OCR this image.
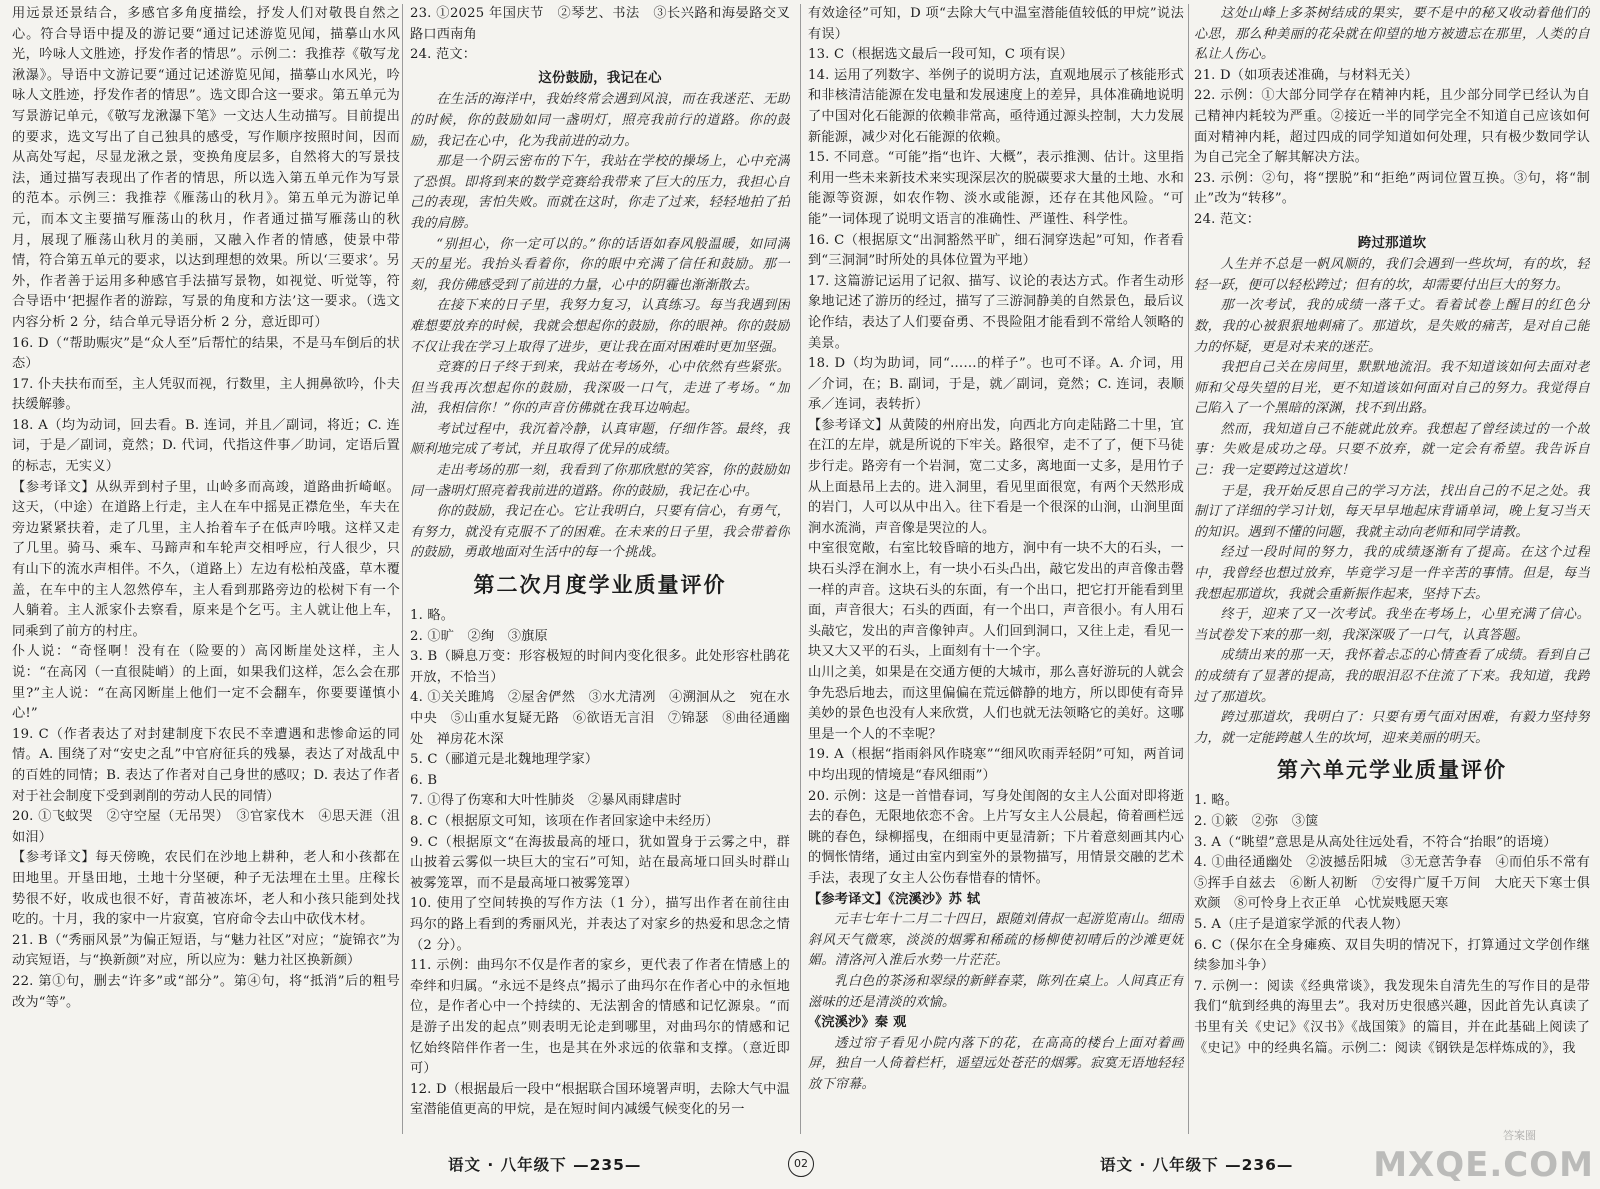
用远景还景结合，多感官多角度描绘，抒发人们对敬畏自然之心。符合导语中提及的游记要“通过记述游览见闻，描摹山水风光，吟咏人文胜迹，抒发作者的情思”。示例二：我推荐《敬写龙湫瀑》。导语中文游记要“通过记述游览见闻，描摹山水风光，吟咏人文胜迹，抒发作者的情思”。选文即合这一要求。第五单元为写景游记单元，《敬写龙湫瀑下笔》一文达人生动描写。目前提出的要求，选文写出了自己独具的感受，写作顺序按照时间，因而从高处写起，尽显龙湫之景，变换角度层多，自然将大的写景技法，通过描写表现出了作者的情思，所以选入第五单元作为写景的范本。示例三：我推荐《雁荡山的秋月》。第五单元为游记单元，而本文主要描写雁荡山的秋月，作者通过描写雁荡山的秋月，展现了雁荡山秋月的美丽，又融入作者的情感，使景中带情，符合第五单元的要求，以达到理想的效果。所以‘三要求’。另外，作者善于运用多种感官手法描写景物，如视觉、听觉等，符合导语中‘把握作者的游踪，写景的角度和方法’这一要求。（选文内容分析 2 分，结合单元导语分析 2 分，意近即可）

16. D（“帮助赈灾”是“众人至”后帮忙的结果，不是马车倒后的状态）

17. 仆夫扶布而至，主人凭驭而视，行数里，主人拥鼻欲吟，仆夫扶缓解骖。

18. A（均为动词，回去看。B. 连词，并且／副词，将近；C. 连词，于是／副词，竟然；D. 代词，代指这件事／助词，定语后置的标志，无实义）

【参考译文】从纵弄到村子里，山岭多而高竣，道路曲折崎岖。这天，（中途）在道路上行走，主人在车中摇晃正襟危坐，车夫在旁边紧紧扶着，走了几里，主人抬着车子在低声吟哦。这样又走了几里。骑马、乘车、马蹄声和车轮声交相呼应，行人很少，只有山下的流水声相伴。不久，（道路上）左边有松柏茂盛，草木覆盖，在车中的主人忽然停车，主人看到那路旁边的松树下有一个人躺着。主人派家仆去察看，原来是个乞丐。主人就让他上车，同乘到了前方的村庄。

仆人说：“奇怪啊！没有在（险要的）高冈断崖处这样，主人说：“在高冈（一直很陡峭）的上面，如果我们这样，怎么会在那里?”主人说：“在高冈断崖上他们一定不会翻车，你要要谨慎小心!”

19. C（作者表达了对封建制度下农民不幸遭遇和悲惨命运的同情。A. 围绕了对“安史之乱”中官府征兵的残暴，表达了对战乱中的百姓的同情；B. 表达了作者对自己身世的感叹；D. 表达了作者对于社会制度下受到剥削的劳动人民的同情）

20. ①飞蚊哭　②守空屋（无吊哭）　③官家伐木　④思天涯（沮如泪）

【参考译文】每天傍晚，农民们在沙地上耕种，老人和小孩都在田地里。开垦田地，土地十分坚硬，种子无法埋在土里。庄稼长势很不好，收成也很不好，青苗被冻坏，老人和小孩只能到处找吃的。十月，我的家中一片寂寞，官府命令去山中砍伐木材。

21. B（“秀丽风景”为偏正短语，与“魅力社区”对应；“旋锦衣”为动宾短语，与“换新颜”对应，所以应为：魅力社区换新颜）

22. 第①句，删去“许多”或“部分”。第④句，将“抵消”后的粗号改为“等”。

23. ①2025 年国庆节　②琴艺、书法　③长兴路和海晏路交叉路口西南角

24. 范文：

这份鼓励，我记在心

在生活的海洋中，我始终常会遇到风浪，而在我迷茫、无助的时候，你的鼓励如同一盏明灯，照亮我前行的道路。你的鼓励，我记在心中，化为我前进的动力。

那是一个阴云密布的下午，我站在学校的操场上，心中充满了恐惧。即将到来的数学竞赛给我带来了巨大的压力，我担心自己的表现，害怕失败。而就在这时，你走了过来，轻轻地拍了拍我的肩膀。

“别担心，你一定可以的。”你的话语如春风般温暖，如同满天的星光。我抬头看着你，你的眼中充满了信任和鼓励。那一刻，我仿佛感受到了前进的力量，心中的阴霾也渐渐散去。

在接下来的日子里，我努力复习，认真练习。每当我遇到困难想要放弃的时候，我就会想起你的鼓励，你的眼神。你的鼓励不仅让我在学习上取得了进步，更让我在面对困难时更加坚强。

竞赛的日子终于到来，我站在考场外，心中依然有些紧张。但当我再次想起你的鼓励，我深吸一口气，走进了考场。“加油，我相信你！”你的声音仿佛就在我耳边响起。

考试过程中，我沉着冷静，认真审题，仔细作答。最终，我顺利地完成了考试，并且取得了优异的成绩。

走出考场的那一刻，我看到了你那欣慰的笑容，你的鼓励如同一盏明灯照亮着我前进的道路。你的鼓励，我记在心中。

你的鼓励，我记在心。它让我明白，只要有信心，有勇气，有努力，就没有克服不了的困难。在未来的日子里，我会带着你的鼓励，勇敢地面对生活中的每一个挑战。

第二次月度学业质量评价

1. 略。

2. ①旷　②绚　③旗原

3. B（瞬息万变：形容极短的时间内变化很多。此处形容杜鹃花开放，不恰当）

4. ①关关雎鸠　②屋舍俨然　③水尤清冽　④溯洄从之　宛在水中央　⑤山重水复疑无路　⑥欲语无言泪　⑦锦瑟　⑧曲径通幽处　禅房花木深

5. C（郦道元是北魏地理学家）

6. B

7. ①得了伤寒和大叶性肺炎　②暴风雨肆虐时

8. C（根据原文可知，该项在作者回家途中未经历）

9. C（根据原文“在海拔最高的垭口，犹如置身于云雾之中，群山披着云雾似一块巨大的宝石”可知，站在最高垭口回头时群山被雾笼罩，而不是最高垭口被雾笼罩）

10. 使用了空间转换的写作方法（1 分），描写出作者在前往由玛尔的路上看到的秀丽风光，并表达了对家乡的热爱和思念之情（2 分）。

11. 示例：曲玛尔不仅是作者的家乡，更代表了作者在情感上的牵绊和归属。“永远不是终点”揭示了曲玛尔在作者心中的永恒地位，是作者心中一个持续的、无法割舍的情感和记忆源泉。“而是游子出发的起点”则表明无论走到哪里，对曲玛尔的情感和记忆始终陪伴作者一生，也是其在外求远的依靠和支撑。（意近即可）

12. D（根据最后一段中“根据联合国环境署声明，去除大气中温室潜能值更高的甲烷，是在短时间内减缓气候变化的另一

有效途径”可知，D 项“去除大气中温室潜能值较低的甲烷”说法有误）

13. C（根据选文最后一段可知，C 项有误）

14. 运用了列数字、举例子的说明方法，直观地展示了核能形式和非核清洁能源在发电量和发展速度上的差异，具体准确地说明了中国对化石能源的依赖非常高，亟待通过源头控制，大力发展新能源，减少对化石能源的依赖。

15. 不同意。“可能”指“也许、大概”，表示推测、估计。这里指利用一些未来新技术来实现深层次的脱碳要求大量的土地、水和能源等资源，如农作物、淡水或能源，还存在其他风险。“可能”一词体现了说明文语言的准确性、严谨性、科学性。

16. C（根据原文“出洞豁然平旷，细石洞穿迭起”可知，作者看到“三洞洞”时所处的具体位置为平地）

17. 这篇游记运用了记叙、描写、议论的表达方式。作者生动形象地记述了游历的经过，描写了三游洞静美的自然景色，最后议论作结，表达了人们要奋勇、不畏险阻才能看到不常给人领略的美景。

18. D（均为助词，同“……的样子”。也可不译。A. 介词，用／介词，在；B. 副词，于是，就／副词，竟然；C. 连词，表顺承／连词，表转折）

【参考译文】从黄陵的州府出发，向西北方向走陆路二十里，宜在江的左岸，就是所说的下牢关。路很窄，走不了了，便下马徒步行走。路旁有一个岩洞，宽二丈多，离地面一丈多，是用竹子从上面悬吊上去的。进入洞里，看见里面很宽，有两个天然形成的岩门，人可以从中出入。往下看是一个很深的山涧，山涧里面涧水流淌，声音像是哭泣的人。

中室很宽敞，右室比较昏暗的地方，涧中有一块不大的石头，一块石头浮在涧水上，有一块小石头凸出，敲它发出的声音像击磬一样的声音。这块石头的东面，有一个出口，把它打开能看到里面，声音很大；石头的西面，有一个出口，声音很小。有人用石头敲它，发出的声音像钟声。人们回到洞口，又往上走，看见一块又大又平的石头，上面刻有十一个字。

山川之美，如果是在交通方便的大城市，那么喜好游玩的人就会争先恐后地去，而这里偏偏在荒远僻静的地方，所以即使有奇异美妙的景色也没有人来欣赏，人们也就无法领略它的美好。这哪里是一个人的不幸呢？

19. A（根据“指雨斜风作晓寒”“细风吹雨弄轻阴”可知，两首词中均出现的情境是“春风细雨”）

20. 示例：这是一首惜春词，写身处闺阁的女主人公面对即将逝去的春色，无限地依恋不舍。上片写女主人公晨起，倚着画栏远眺的春色，绿柳摇曳，在细雨中更显清新；下片着意刻画其内心的惆怅情绪，通过由室内到室外的景物描写，用情景交融的艺术手法，表现了女主人公伤春惜春的情怀。

【参考译文】《浣溪沙》苏 轼

元丰七年十二月二十四日，跟随刘倩叔一起游览南山。细雨斜风天气微寒，淡淡的烟雾和稀疏的杨柳使初晴后的沙滩更妩媚。清洛河入淮后水势一片茫茫。

乳白色的茶汤和翠绿的新鲜春菜，陈列在桌上。人间真正有滋味的还是清淡的欢愉。

《浣溪沙》秦 观

透过帘子看见小院内落下的花，在高高的楼台上面对着画屏，独自一人倚着栏杆，遥望远处苍茫的烟雾。寂寞无语地轻轻放下帘幕。

这处山峰上多茶树结成的果实，要不是中的秘又收动着他们的心思，那么种美丽的花朵就在仰望的地方被遗忘在那里，人类的自私让人伤心。

21. D（如项表述准确，与材料无关）

22. 示例：①大部分同学存在精神内耗，且少部分同学已经认为自己精神内耗较为严重。②接近一半的同学完全不知道自己应该如何面对精神内耗，超过四成的同学知道如何处理，只有极少数同学认为自己完全了解其解决方法。

23. 示例：②句，将“摆脱”和“拒绝”两词位置互换。③句，将“制止”改为“转移”。

24. 范文：

跨过那道坎

人生并不总是一帆风顺的，我们会遇到一些坎坷，有的坎，轻轻一跃，便可以轻松跨过；但有的坎，却需要付出巨大的努力。

那一次考试，我的成绩一落千丈。看着试卷上醒目的红色分数，我的心被狠狠地刺痛了。那道坎，是失败的痛苦，是对自己能力的怀疑，更是对未来的迷茫。

我把自己关在房间里，默默地流泪。我不知道该如何去面对老师和父母失望的目光，更不知道该如何面对自己的努力。我觉得自己陷入了一个黑暗的深渊，找不到出路。

然而，我知道自己不能就此放弃。我想起了曾经读过的一个故事：失败是成功之母。只要不放弃，就一定会有希望。我告诉自己：我一定要跨过这道坎！

于是，我开始反思自己的学习方法，找出自己的不足之处。我制订了详细的学习计划，每天早早地起床背诵单词，晚上复习当天的知识。遇到不懂的问题，我就主动向老师和同学请教。

经过一段时间的努力，我的成绩逐渐有了提高。在这个过程中，我曾经也想过放弃，毕竟学习是一件辛苦的事情。但是，每当我想起那道坎，我就会重新振作起来，坚持下去。

终于，迎来了又一次考试。我坐在考场上，心里充满了信心。当试卷发下来的那一刻，我深深吸了一口气，认真答题。

成绩出来的那一天，我怀着忐忑的心情查看了成绩。看到自己的成绩有了显著的提高，我的眼泪忍不住流了下来。我知道，我跨过了那道坎。

跨过那道坎，我明白了：只要有勇气面对困难，有毅力坚持努力，就一定能跨越人生的坎坷，迎来美丽的明天。

第六单元学业质量评价

1. 略。

2. ①簌　②弥　③箧

3. A（“眺望”意思是从高处往远处看，不符合“抬眼”的语境）

4. ①曲径通幽处　②波撼岳阳城　③无意苦争春　④而伯乐不常有　⑤挥手自兹去　⑥断人初断　⑦安得广厦千万间　大庇天下寒士俱欢颜　⑧可怜身上衣正单　心忧炭贱愿天寒

5. A（庄子是道家学派的代表人物）

6. C（保尔在全身瘫痪、双目失明的情况下，打算通过文学创作继续参加斗争）

7. 示例一：阅读《经典常谈》，我发现朱自清先生的写作目的是带我们“航到经典的海里去”。我对历史很感兴趣，因此首先认真读了书里有关《史记》《汉书》《战国策》的篇目，并在此基础上阅读了《史记》中的经典名篇。示例二：阅读《钢铁是怎样炼成的》，我

语文 · 八年级下 —235—	02	语文 · 八年级下 —236—
答案圈
MXQE.COM
